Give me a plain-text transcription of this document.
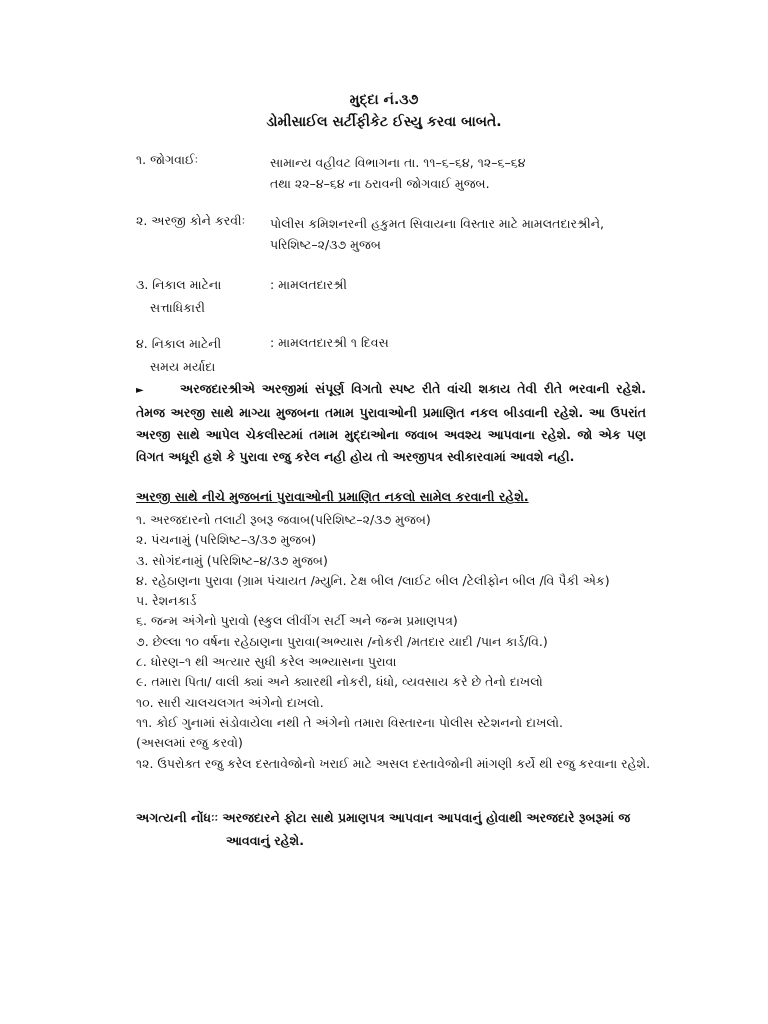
મુદ્દા નં.૩૭
ડોમીસાઈલ સર્ટીફીકેટ ઈસ્યુ કરવા બાબતે.
૧. જોગવાઈઃ	સામાન્ય વહીવટ વિભાગના તા. ૧૧–૬–૬૪, ૧૨–૬–૬૪
તથા ૨૨–૪–૬૪ ના ઠરાવની જોગવાઈ મુજબ.
૨. અરજી કોને કરવીઃ પોલીસ કમિશનરની હકુમત સિવાયના વિસ્તાર માટે મામલતદારશ્રીને,
પરિશિષ્ટ–૨/૩૭ મુજબ
૩. નિકાલ માટેના
સત્તાધિકારી
: મામલતદારશ્રી
૪. નિકાલ માટેની
સમય મર્યાદા
: મામલતદારશ્રી ૧ દિવસ
►	અરજદારશ્રીએ અરજીમાં સંપૂર્ણ વિગતો સ્પષ્ટ રીતે વાંચી શકાય તેવી રીતે ભરવાની રહેશે. તેમજ અરજી સાથે માગ્યા મુજબના તમામ પુરાવાઓની પ્રમાણિત નકલ બીડવાની રહેશે. આ ઉપરાંત અરજી સાથે આપેલ ચેકલીસ્ટમાં તમામ મુદ્દાઓના જવાબ અવશ્ય આપવાના રહેશે. જો એક પણ વિગત અધૂરી હશે કે પુરાવા રજુ કરેલ નહી હોય તો અરજીપત્ર સ્વીકારવામાં આવશે નહી.
અરજી સાથે નીચે મુજબનાં પુરાવાઓની પ્રમાણિત નકલો સામેલ કરવાની રહેશે.
૧. અરજદારનો તલાટી રૂબરૂ જવાબ(પરિશિષ્ટ–૨/૩૭ મુજબ)
૨. પંચનામું (પરિશિષ્ટ–૩/૩૭ મુજબ)
૩. સોગંદનામું (પરિશિષ્ટ–૪/૩૭ મુજબ)
૪. રહેઠાણના પુરાવા (ગ્રામ પંચાયત /મ્યુનિ. ટેક્ષ બીલ /લાઈટ બીલ /ટેલીફોન બીલ /વિ પૈકી એક)
૫. રેશનકાર્ડ
૬. જન્મ અંગેનો પુરાવો (સ્કુલ લીવીંગ સર્ટી અને જન્મ પ્રમાણપત્ર)
૭. છેલ્લા ૧૦ વર્ષના રહેઠાણના પુરાવા(અભ્યાસ /નોકરી /મતદાર યાદી /પાન કાર્ડ/વિ.)
૮. ધોરણ–૧ થી અત્યાર સુધી કરેલ અભ્યાસના પુરાવા
૯. તમારા પિતા/ વાલી ક્યાં અને ક્યારથી નોકરી, ધંધો, વ્યવસાય કરે છે તેનો દાખલો
૧૦. સારી ચાલચલગત અંગેનો દાખલો.
૧૧. કોઈ ગુનામાં સંડોવાયેલા નથી તે અંગેનો તમારા વિસ્તારના પોલીસ સ્ટેશનનો દાખલો.
(અસલમાં રજુ કરવો)
૧૨. ઉપરોક્ત રજુ કરેલ દસ્તાવેજોનો ખરાઈ માટે અસલ દસ્તાવેજોની માંગણી કર્યે થી રજુ કરવાના રહેશે.
અગત્યની નોંધઃઃ અરજદારને ફોટા સાથે પ્રમાણપત્ર આપવાન આપવાનું હોવાથી અરજદારે રૂબરૂમાં જ
આવવાનું રહેશે.
